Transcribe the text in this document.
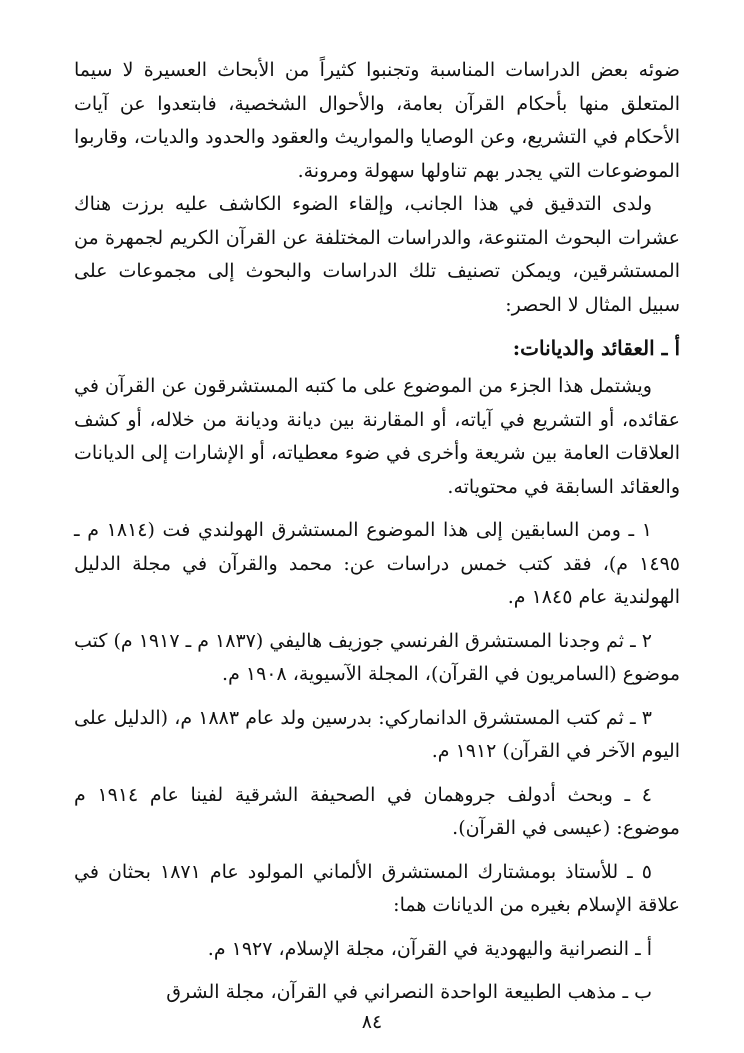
ضوئه بعض الدراسات المناسبة وتجنبوا كثيراً من الأبحاث العسيرة لا سيما المتعلق منها بأحكام القرآن بعامة، والأحوال الشخصية، فابتعدوا عن آيات الأحكام في التشريع، وعن الوصايا والمواريث والعقود والحدود والديات، وقاربوا الموضوعات التي يجدر بهم تناولها سهولة ومرونة.

ولدى التدقيق في هذا الجانب، وإلقاء الضوء الكاشف عليه برزت هناك عشرات البحوث المتنوعة، والدراسات المختلفة عن القرآن الكريم لجمهرة من المستشرقين، ويمكن تصنيف تلك الدراسات والبحوث إلى مجموعات على سبيل المثال لا الحصر:

أ ـ العقائد والديانات:

ويشتمل هذا الجزء من الموضوع على ما كتبه المستشرقون عن القرآن في عقائده، أو التشريع في آياته، أو المقارنة بين ديانة وديانة من خلاله، أو كشف العلاقات العامة بين شريعة وأخرى في ضوء معطياته، أو الإشارات إلى الديانات والعقائد السابقة في محتوياته.

١ ـ ومن السابقين إلى هذا الموضوع المستشرق الهولندي فت (١٨١٤ م ـ ١٤٩٥ م)، فقد كتب خمس دراسات عن: محمد والقرآن في مجلة الدليل الهولندية عام ١٨٤٥ م.

٢ ـ ثم وجدنا المستشرق الفرنسي جوزيف هاليفي (١٨٣٧ م ـ ١٩١٧ م) كتب موضوع (السامريون في القرآن)، المجلة الآسيوية، ١٩٠٨ م.

٣ ـ ثم كتب المستشرق الدانماركي: بدرسين ولد عام ١٨٨٣ م، (الدليل على اليوم الآخر في القرآن) ١٩١٢ م.

٤ ـ وبحث أدولف جروهمان في الصحيفة الشرقية لفينا عام ١٩١٤ م موضوع: (عيسى في القرآن).

٥ ـ للأستاذ بومشتارك المستشرق الألماني المولود عام ١٨٧١ بحثان في علاقة الإسلام بغيره من الديانات هما:

أ ـ النصرانية واليهودية في القرآن، مجلة الإسلام، ١٩٢٧ م.

ب ـ مذهب الطبيعة الواحدة النصراني في القرآن، مجلة الشرق

٨٤
